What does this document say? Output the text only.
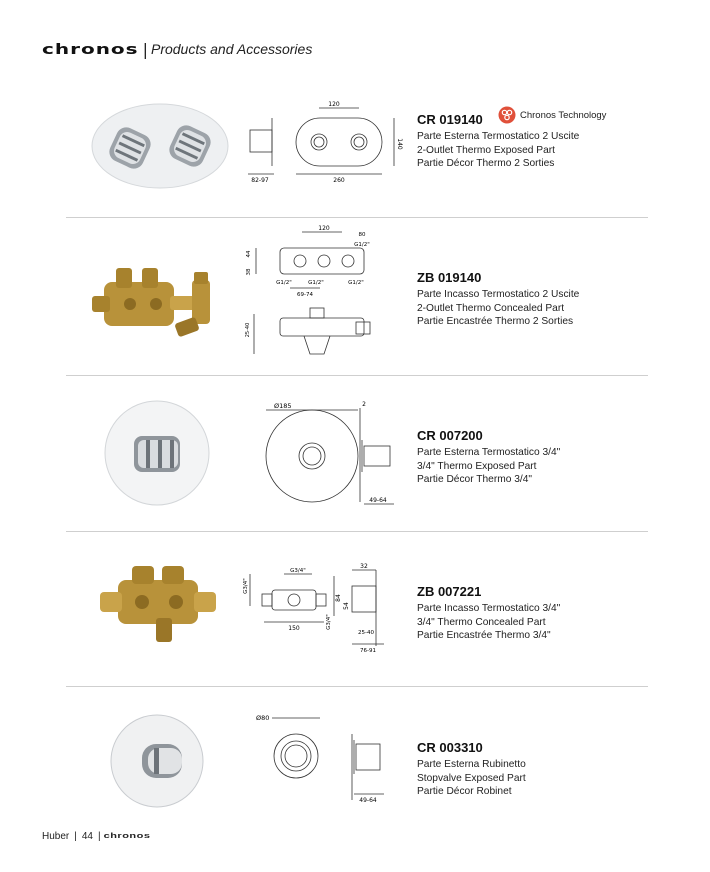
chronos | Products and Accessories
120
82-97	260
140
CR 019140
Parte Esterna Termostatico 2 Uscite
2-Outlet Thermo Exposed Part
Partie Décor Thermo 2 Sorties
Chronos Technology
120
G1/2"
44
38
G1/2"	G1/2"	G1/2"
80
69-74
25-40
ZB 019140
Parte Incasso Termostatico 2 Uscite
2-Outlet Thermo Concealed Part
Partie Encastrée Thermo 2 Sorties
Ø185	2
49-64
CR 007200
Parte Esterna Termostatico 3/4"
3/4" Thermo Exposed Part
Partie Décor Thermo 3/4"
G3/4"
G3/4"
150	G3/4"
32
84
54
25-40
76-91
ZB 007221
Parte Incasso Termostatico 3/4"
3/4" Thermo Concealed Part
Partie Encastrée Thermo 3/4"
Ø80
49-64
CR 003310
Parte Esterna Rubinetto
Stopvalve Exposed Part
Partie Décor Robinet
Huber | 44 | chronos
